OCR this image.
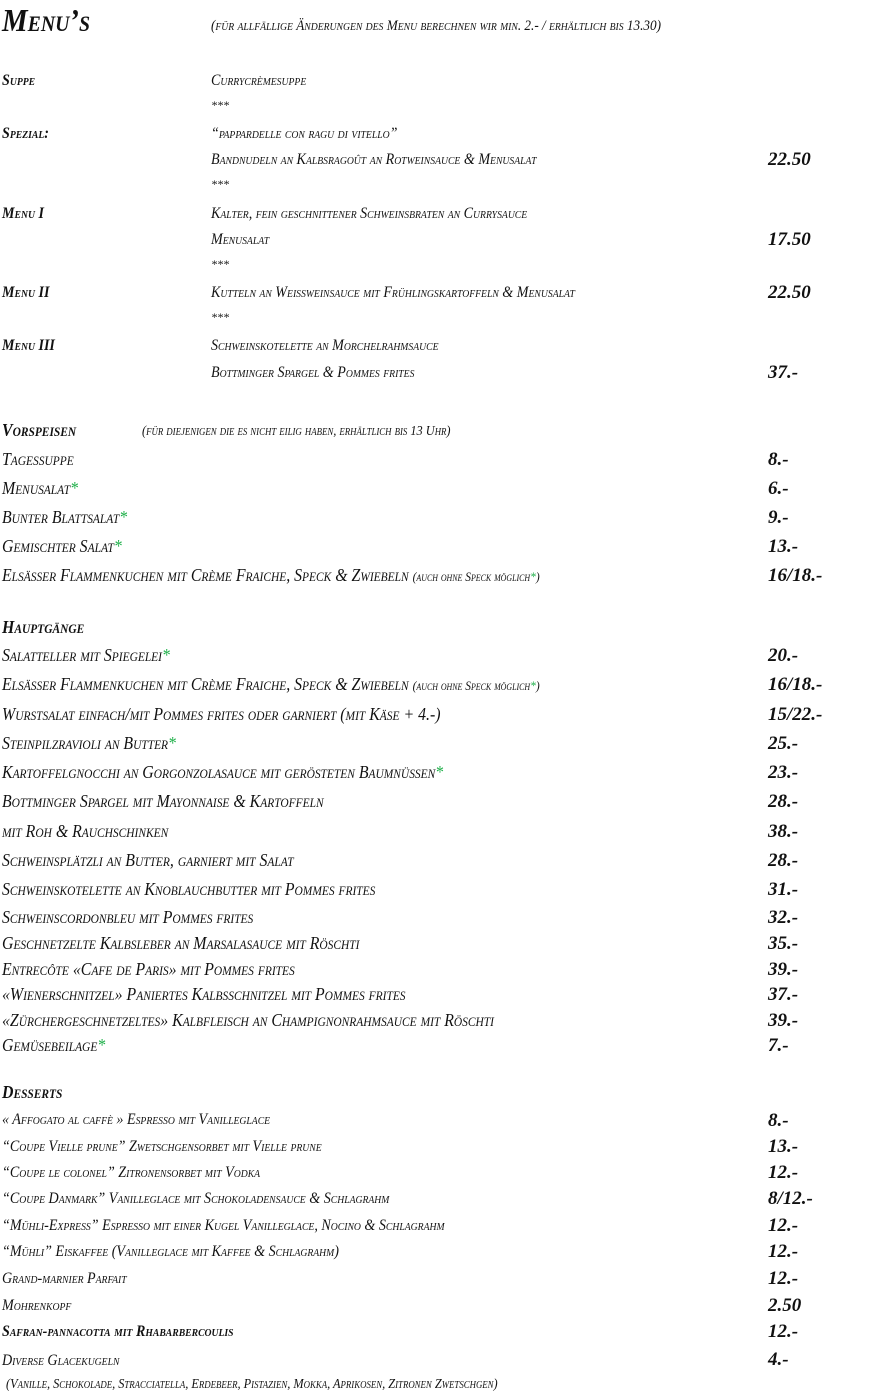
Menu’s	(für allfällige Änderungen des Menu berechnen wir min. 2.- / erhältlich bis 13.30)
Suppe	Currycrèmesuppe
***
Spezial:	“pappardelle con ragu di vitello”
Bandnudeln an Kalbsragoût an Rotweinsauce & Menusalat	22.50
***
Menu I	Kalter, fein geschnittener Schweinsbraten an Currysauce
Menusalat	17.50
***
Menu II	Kutteln an Weissweinsauce mit Frühlingskartoffeln & Menusalat	22.50
***
Menu III	Schweinskotelette an Morchelrahmsauce
Bottminger Spargel & Pommes frites	37.-
Vorspeisen	(für diejenigen die es nicht eilig haben, erhältlich bis 13 Uhr)
Tagessuppe	8.-
Menusalat*	6.-
Bunter Blattsalat*	9.-
Gemischter Salat*	13.-
Elsässer Flammenkuchen mit Crème Fraiche, Speck & Zwiebeln (auch ohne Speck möglich*)	16/18.-
Hauptgänge
Salatteller mit Spiegelei*	20.-
Elsässer Flammenkuchen mit Crème Fraiche, Speck & Zwiebeln (auch ohne Speck möglich*)	16/18.-
Wurstsalat einfach/mit Pommes frites oder garniert (mit Käse + 4.-)	15/22.-
Steinpilzravioli an Butter*	25.-
Kartoffelgnocchi an Gorgonzolasauce mit gerösteten Baumnüssen*	23.-
Bottminger Spargel mit Mayonnaise & Kartoffeln	28.-
mit Roh & Rauchschinken	38.-
Schweinsplätzli an Butter, garniert mit Salat	28.-
Schweinskotelette an Knoblauchbutter mit Pommes frites	31.-
Schweinscordonbleu mit Pommes frites	32.-
Geschnetzelte Kalbsleber an Marsalasauce mit Röschti	35.-
Entrecôte «Cafe de Paris» mit Pommes frites	39.-
«Wienerschnitzel» Paniertes Kalbsschnitzel mit Pommes frites	37.-
«Zürchergeschnetzeltes» Kalbfleisch an Champignonrahmsauce mit Röschti	39.-
Gemüsebeilage*	7.-
Desserts
« Affogato al caffè » Espresso mit Vanilleglace	8.-
“Coupe Vielle prune” Zwetschgensorbet mit Vielle prune	13.-
“Coupe le colonel” Zitronensorbet mit Vodka	12.-
“Coupe Danmark” Vanilleglace mit Schokoladensauce & Schlagrahm	8/12.-
“Mühli-Express” Espresso mit einer Kugel Vanilleglace, Nocino & Schlagrahm	12.-
“Mühli” Eiskaffee (Vanilleglace mit Kaffee & Schlagrahm)	12.-
Grand-marnier Parfait	12.-
Mohrenkopf	2.50
Safran-pannacotta mit Rhabarbercoulis	12.-
Diverse Glacekugeln	4.-
(Vanille, Schokolade, Stracciatella, Erdebeer, Pistazien, Mokka, Aprikosen, Zitronen Zwetschgen)
